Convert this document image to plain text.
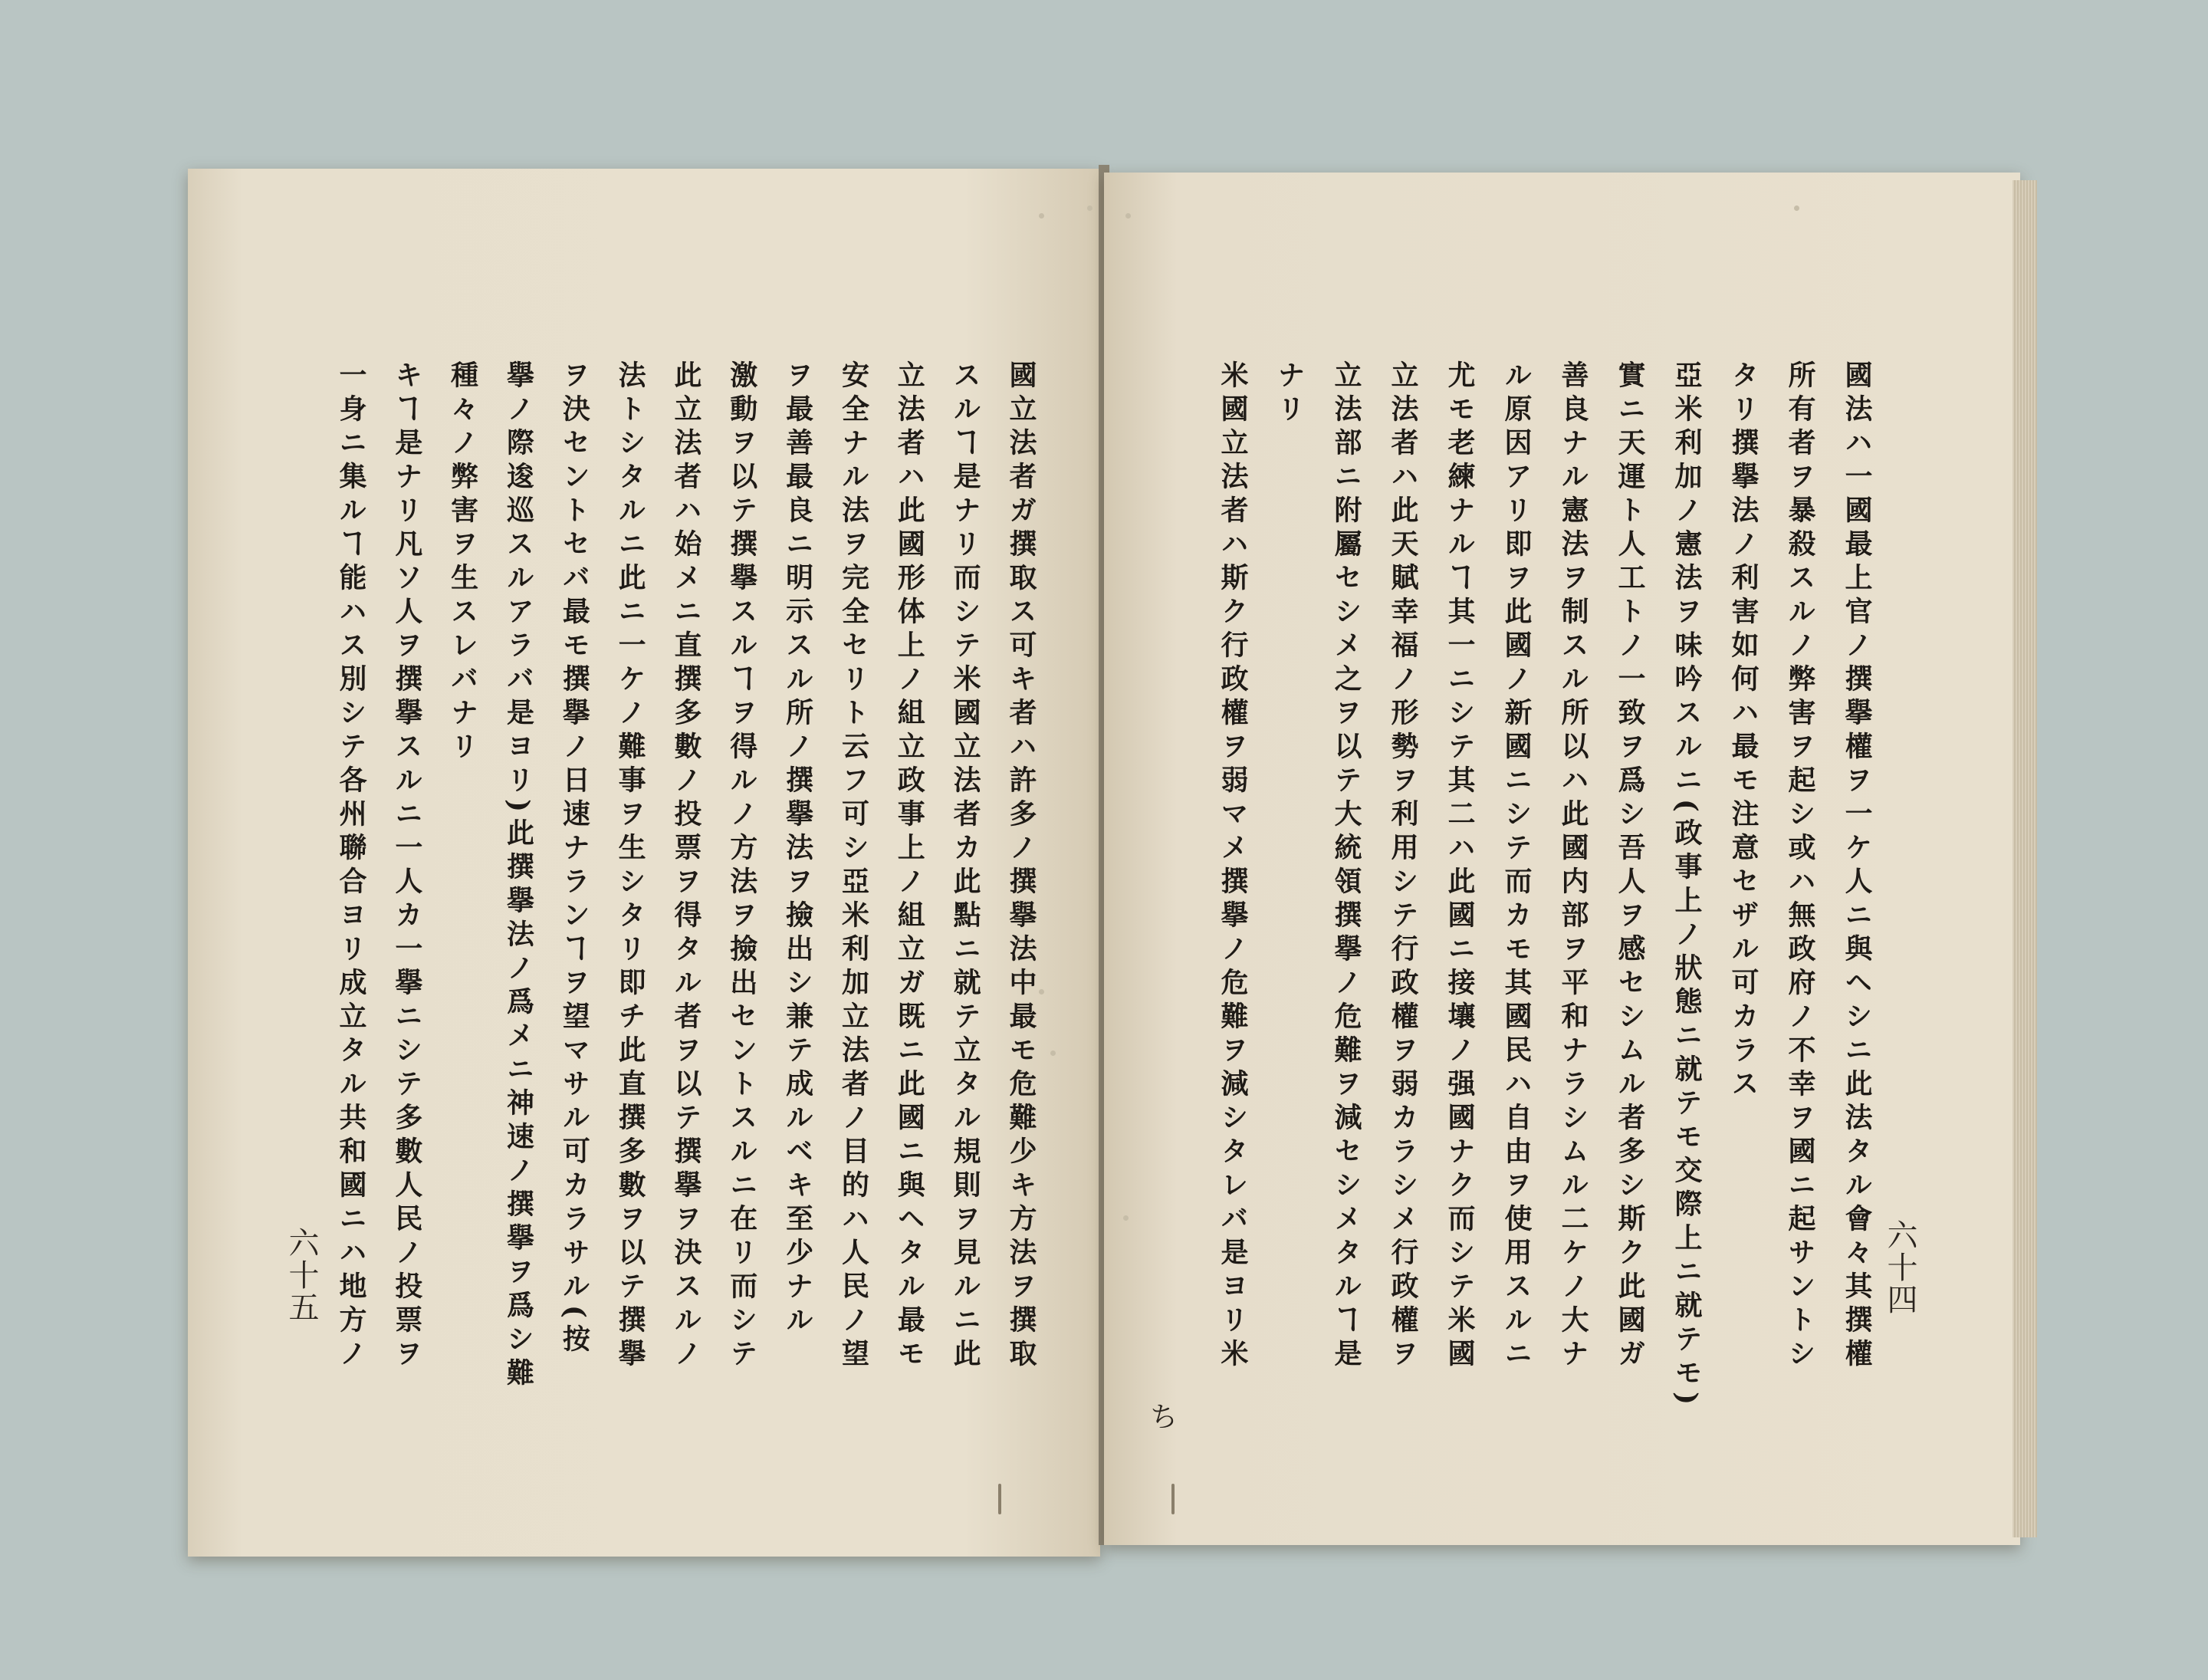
國立法者ガ撰取ス可キ者ハ許多ノ撰擧法中最モ危難少キ方法ヲ撰取
スルヿ是ナリ而シテ米國立法者カ此點ニ就テ立タル規則ヲ見ルニ此
立法者ハ此國形体上ノ組立政事上ノ組立ガ既ニ此國ニ與ヘタル最モ
安全ナル法ヲ完全セリト云フ可シ亞米利加立法者ノ目的ハ人民ノ望
ヲ最善最良ニ明示スル所ノ撰擧法ヲ撿出シ兼テ成ルベキ至少ナル
激動ヲ以テ撰擧スルヿヲ得ルノ方法ヲ撿出セントスルニ在リ而シテ
此立法者ハ始メニ直撰多數ノ投票ヲ得タル者ヲ以テ撰擧ヲ決スルノ
法トシタルニ此ニ一ケノ難事ヲ生シタリ即チ此直撰多數ヲ以テ撰擧
ヲ決セントセバ最モ撰擧ノ日速ナランヿヲ望マサル可カラサル(按
擧ノ際逡巡スルアラバ是ヨリ)此撰擧法ノ爲メニ神速ノ撰擧ヲ爲シ難
種々ノ弊害ヲ生スレバナリ
キヿ是ナリ凡ソ人ヲ撰擧スルニ一人カ一擧ニシテ多數人民ノ投票ヲ
一身ニ集ルヿ能ハス別シテ各州聯合ヨリ成立タル共和國ニハ地方ノ	國法ハ一國最上官ノ撰擧權ヲ一ケ人ニ與ヘシニ此法タル會々其撰權
所有者ヲ暴殺スルノ弊害ヲ起シ或ハ無政府ノ不幸ヲ國ニ起サントシ
タリ撰擧法ノ利害如何ハ最モ注意セザル可カラス
亞米利加ノ憲法ヲ味吟スルニ(政事上ノ狀態ニ就テモ交際上ニ就テモ)
實ニ天運ト人工トノ一致ヲ爲シ吾人ヲ感セシムル者多シ斯ク此國ガ
善良ナル憲法ヲ制スル所以ハ此國内部ヲ平和ナラシムル二ケノ大ナ
ル原因アリ即ヲ此國ノ新國ニシテ而カモ其國民ハ自由ヲ使用スルニ
尤モ老練ナルヿ其一ニシテ其二ハ此國ニ接壤ノ强國ナク而シテ米國
立法者ハ此天賦幸福ノ形勢ヲ利用シテ行政權ヲ弱カラシメ行政權ヲ
立法部ニ附屬セシメ之ヲ以テ大統領撰擧ノ危難ヲ減セシメタルヿ是
ナリ
米國立法者ハ斯ク行政權ヲ弱マメ撰擧ノ危難ヲ減シタレバ是ヨリ米
六十五	六十四
ち
